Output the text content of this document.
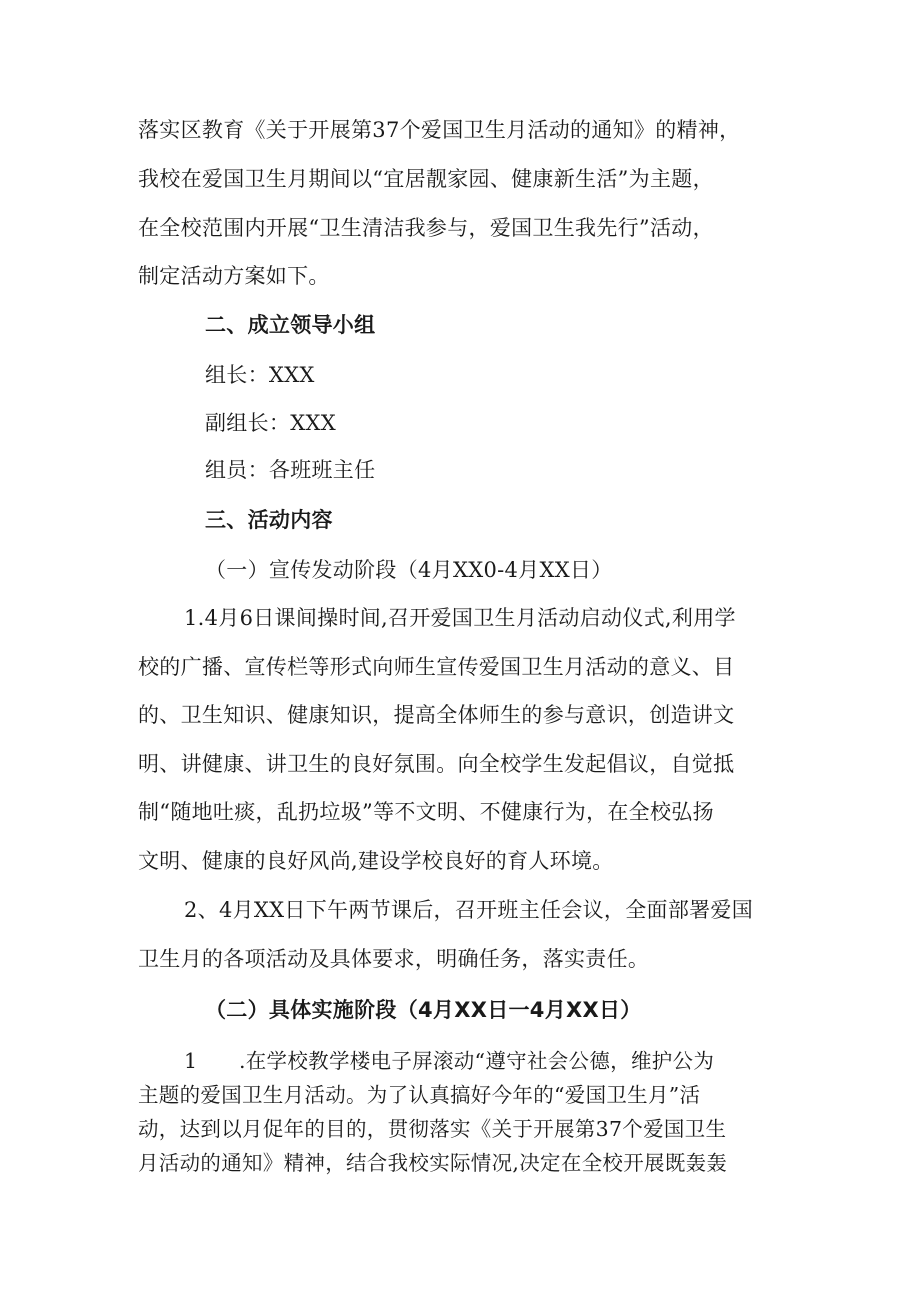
落实区教育《关于开展第37个爱国卫生月活动的通知》的精神，

我校在爱国卫生月期间以“宜居靓家园、健康新生活”为主题，

在全校范围内开展“卫生清洁我参与，爱国卫生我先行”活动，

制定活动方案如下。

二、成立领导小组

组长：XXX

副组长：XXX

组员：各班班主任

三、活动内容

（一）宣传发动阶段（4月XX0-4月XX日）

1.4月6日课间操时间,召开爱国卫生月活动启动仪式,利用学

校的广播、宣传栏等形式向师生宣传爱国卫生月活动的意义、目

的、卫生知识、健康知识，提高全体师生的参与意识，创造讲文

明、讲健康、讲卫生的良好氛围。向全校学生发起倡议，自觉抵

制“随地吐痰，乱扔垃圾”等不文明、不健康行为，在全校弘扬

文明、健康的良好风尚,建设学校良好的育人环境。

2、4月XX日下午两节课后，召开班主任会议，全面部署爱国

卫生月的各项活动及具体要求，明确任务，落实责任。

（二）具体实施阶段（4月XX日一4月XX日）

1　　.在学校教学楼电子屏滚动“遵守社会公德，维护公为

主题的爱国卫生月活动。为了认真搞好今年的“爱国卫生月”活

动，达到以月促年的目的，贯彻落实《关于开展第37个爱国卫生

月活动的通知》精神，结合我校实际情况,决定在全校开展既轰轰
